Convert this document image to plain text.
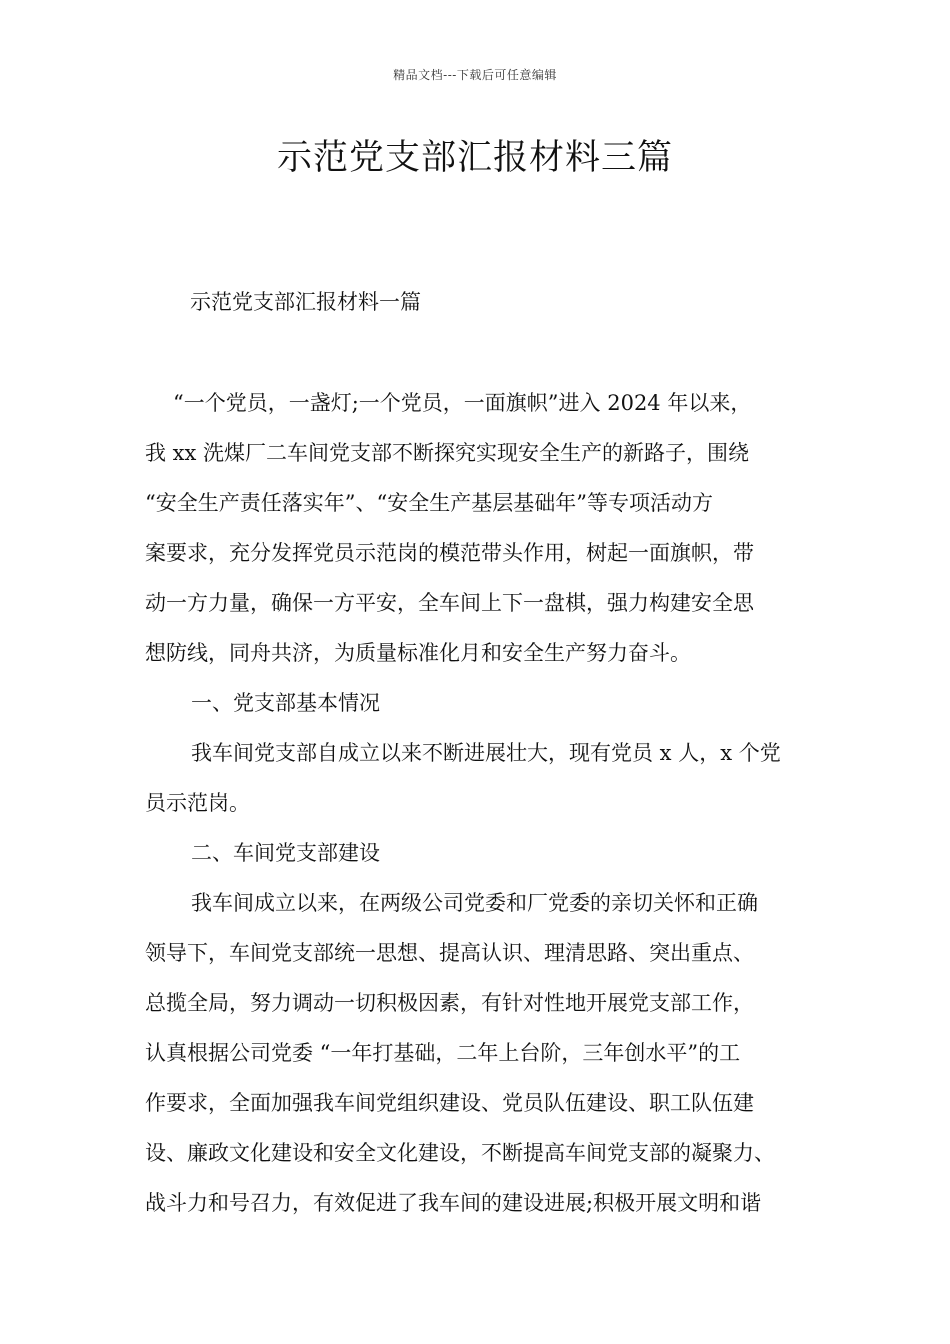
精品文档---下载后可任意编辑
示范党支部汇报材料三篇
示范党支部汇报材料一篇

“一个党员，一盏灯;一个党员，一面旗帜”进入 2024 年以来，

我 xx 洗煤厂二车间党支部不断探究实现安全生产的新路子，围绕

“安全生产责任落实年”、“安全生产基层基础年”等专项活动方

案要求，充分发挥党员示范岗的模范带头作用，树起一面旗帜，带

动一方力量，确保一方平安，全车间上下一盘棋，强力构建安全思

想防线，同舟共济，为质量标准化月和安全生产努力奋斗。

一、党支部基本情况

我车间党支部自成立以来不断进展壮大，现有党员 x 人，x 个党

员示范岗。

二、车间党支部建设

我车间成立以来，在两级公司党委和厂党委的亲切关怀和正确

领导下，车间党支部统一思想、提高认识、理清思路、突出重点、

总揽全局，努力调动一切积极因素，有针对性地开展党支部工作，

认真根据公司党委 “一年打基础，二年上台阶，三年创水平”的工

作要求，全面加强我车间党组织建设、党员队伍建设、职工队伍建

设、廉政文化建设和安全文化建设，不断提高车间党支部的凝聚力、

战斗力和号召力，有效促进了我车间的建设进展;积极开展文明和谐
